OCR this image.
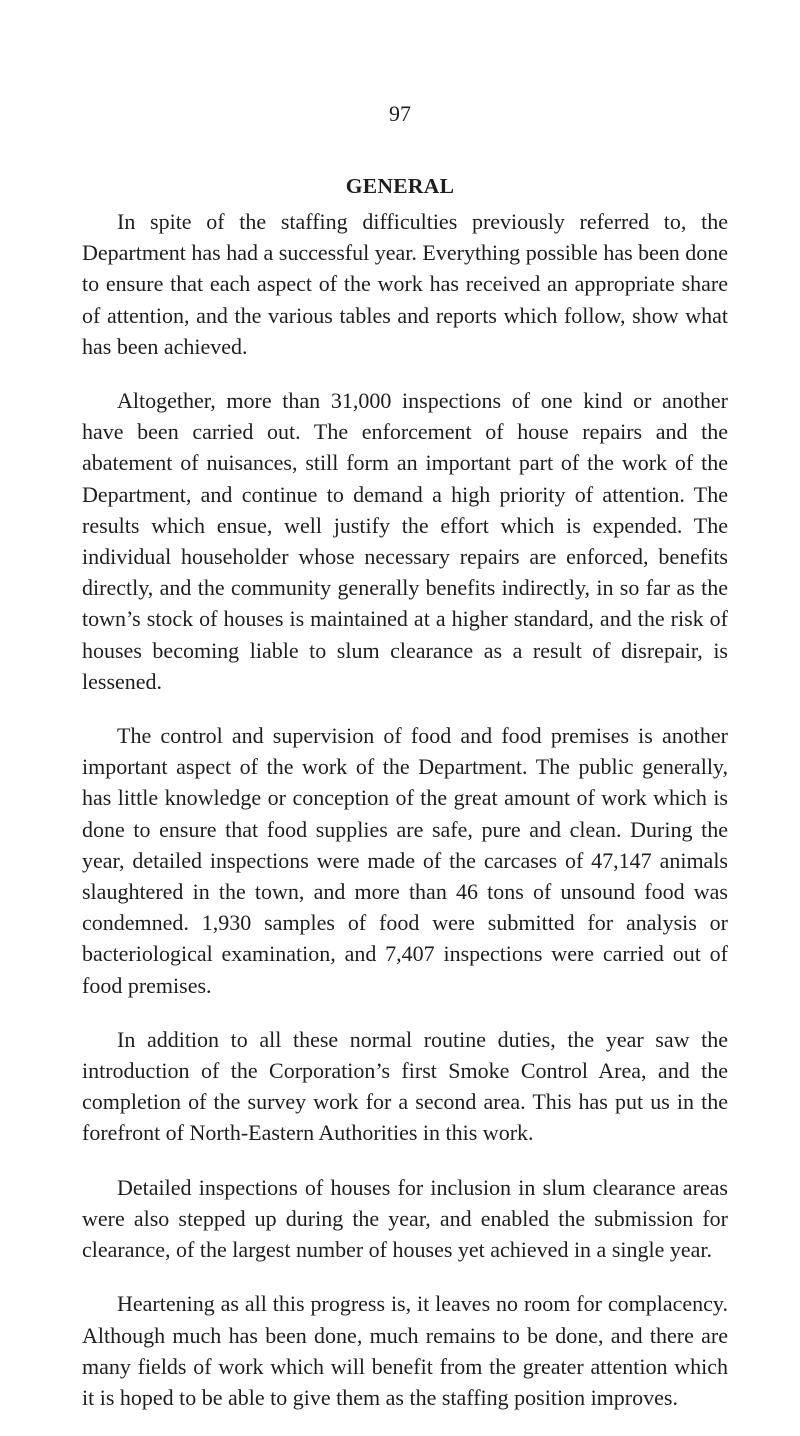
97
GENERAL

In spite of the staffing difficulties previously referred to, the Department has had a successful year. Everything possible has been done to ensure that each aspect of the work has received an appropriate share of attention, and the various tables and reports which follow, show what has been achieved.

Altogether, more than 31,000 inspections of one kind or another have been carried out. The enforcement of house repairs and the abatement of nuisances, still form an important part of the work of the Department, and continue to demand a high priority of attention. The results which ensue, well justify the effort which is expended. The individual householder whose necessary repairs are enforced, benefits directly, and the community generally benefits indirectly, in so far as the town’s stock of houses is maintained at a higher standard, and the risk of houses becoming liable to slum clearance as a result of disrepair, is lessened.

The control and supervision of food and food premises is another important aspect of the work of the Department. The public generally, has little knowledge or conception of the great amount of work which is done to ensure that food supplies are safe, pure and clean. During the year, detailed inspections were made of the carcases of 47,147 animals slaughtered in the town, and more than 46 tons of unsound food was condemned. 1,930 samples of food were submitted for analysis or bacteriological examination, and 7,407 inspections were carried out of food premises.

In addition to all these normal routine duties, the year saw the introduction of the Corporation’s first Smoke Control Area, and the completion of the survey work for a second area. This has put us in the forefront of North-Eastern Authorities in this work.

Detailed inspections of houses for inclusion in slum clearance areas were also stepped up during the year, and enabled the submission for clearance, of the largest number of houses yet achieved in a single year.

Heartening as all this progress is, it leaves no room for complacency. Although much has been done, much remains to be done, and there are many fields of work which will benefit from the greater attention which it is hoped to be able to give them as the staffing position improves.
